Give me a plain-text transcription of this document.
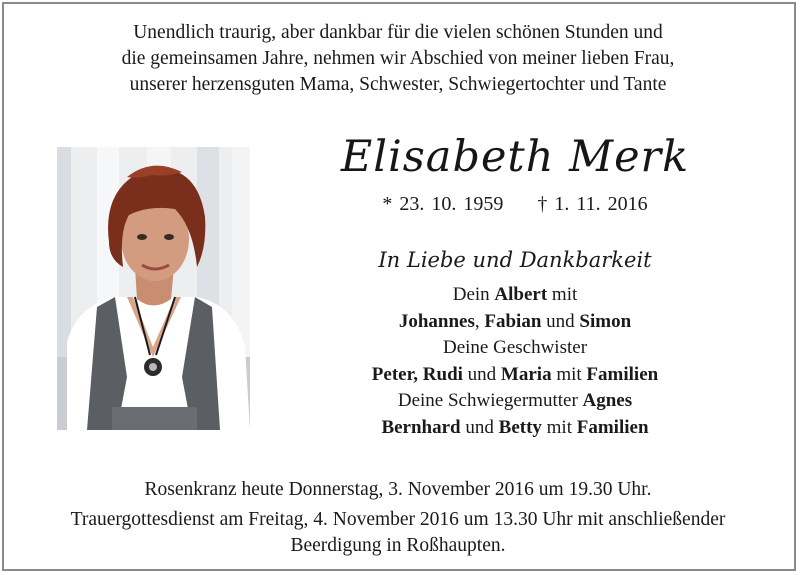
Unendlich traurig, aber dankbar für die vielen schönen Stunden und
die gemeinsamen Jahre, nehmen wir Abschied von meiner lieben Frau,
unserer herzensguten Mama, Schwester, Schwiegertochter und Tante
Elisabeth Merk
* 23. 10. 1959 † 1. 11. 2016
In Liebe und Dankbarkeit
Dein Albert mit
Johannes, Fabian und Simon
Deine Geschwister
Peter, Rudi und Maria mit Familien
Deine Schwiegermutter Agnes
Bernhard und Betty mit Familien
Rosenkranz heute Donnerstag, 3. November 2016 um 19.30 Uhr.
Trauergottesdienst am Freitag, 4. November 2016 um 13.30 Uhr mit anschließender
Beerdigung in Roßhaupten.
